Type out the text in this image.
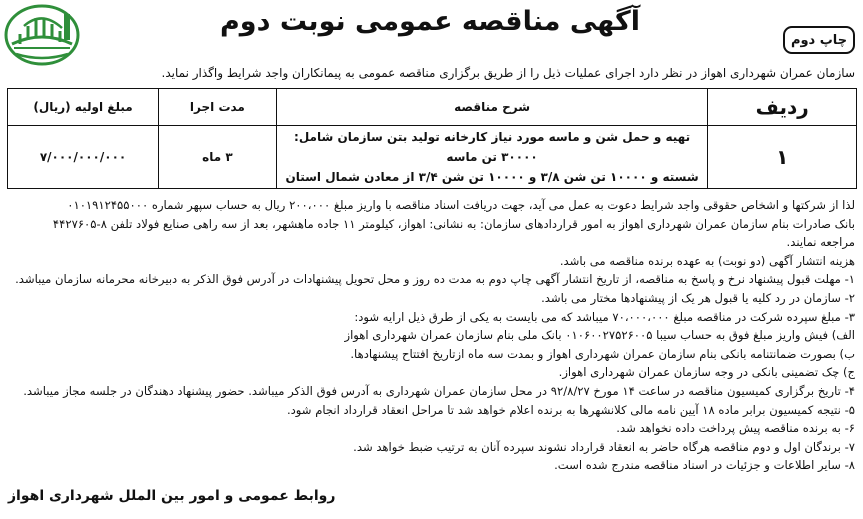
چاپ دوم
آگهی مناقصه عمومی نوبت دوم
سازمان عمران شهرداری اهواز در نظر دارد اجرای عملیات ذیل را از طریق برگزاری مناقصه عمومی به پیمانکاران واجد شرایط واگذار نماید.
ردیف	شرح مناقصه	مدت اجرا	مبلغ اولیه (ریال)
۱	تهیه و حمل شن و ماسه مورد نیاز کارخانه تولید بتن سازمان شامل: ۳۰۰۰۰ تن ماسه
شسته و ۱۰۰۰۰ تن شن ۳/۸ و ۱۰۰۰۰ تن شن ۳/۴ از معادن شمال استان	۳ ماه	۷/۰۰۰/۰۰۰/۰۰۰
لذا از شرکتها و اشخاص حقوقی واجد شرایط دعوت به عمل می آید، جهت دریافت اسناد مناقصه با واریز مبلغ ۲۰۰،۰۰۰ ریال به حساب سپهر شماره ۰۱۰۱۹۱۲۴۵۵۰۰۰
بانک صادرات بنام سازمان عمران شهرداری اهواز به امور قراردادهای سازمان: به نشانی: اهواز، کیلومتر ۱۱ جاده ماهشهر، بعد از سه راهی صنایع فولاد تلفن ۸-۴۴۲۷۶۰۵
مراجعه نمایند.
هزینه انتشار آگهی (دو نوبت) به عهده برنده مناقصه می باشد.
۱- مهلت قبول پیشنهاد نرخ و پاسخ به مناقصه، از تاریخ انتشار آگهی چاپ دوم به مدت ده روز و محل تحویل پیشنهادات در آدرس فوق الذکر به دبیرخانه محرمانه سازمان میباشد.
۲- سازمان در رد کلیه یا قبول هر یک از پیشنهادها مختار می باشد.
۳- مبلغ سپرده شرکت در مناقصه مبلغ ۷۰،۰۰۰،۰۰۰ میباشد که می بایست به یکی از طرق ذیل ارایه شود:
الف) فیش واریز مبلغ فوق به حساب سیبا ۰۱۰۶۰۰۲۷۵۲۶۰۰۵ بانک ملی بنام سازمان عمران شهرداری اهواز
ب) بصورت ضمانتنامه بانکی بنام سازمان عمران شهرداری اهواز و بمدت سه ماه ازتاریخ افتتاح پیشنهادها.
ج) چک تضمینی بانکی در وجه سازمان عمران شهرداری اهواز.
۴- تاریخ برگزاری کمیسیون مناقصه در ساعت ۱۴ مورخ ۹۲/۸/۲۷ در محل سازمان عمران شهرداری به آدرس فوق الذکر میباشد. حضور پیشنهاد دهندگان در جلسه مجاز میباشد.
۵- نتیجه کمیسیون برابر ماده ۱۸ آیین نامه مالی کلانشهرها به برنده اعلام خواهد شد تا مراحل انعقاد قرارداد انجام شود.
۶- به برنده مناقصه پیش پرداخت داده نخواهد شد.
۷- برندگان اول و دوم مناقصه هرگاه حاضر به انعقاد قرارداد نشوند سپرده آنان به ترتیب ضبط خواهد شد.
۸- سایر اطلاعات و جزئیات در اسناد مناقصه مندرج شده است.
روابط عمومی و امور بین الملل شهرداری اهواز
